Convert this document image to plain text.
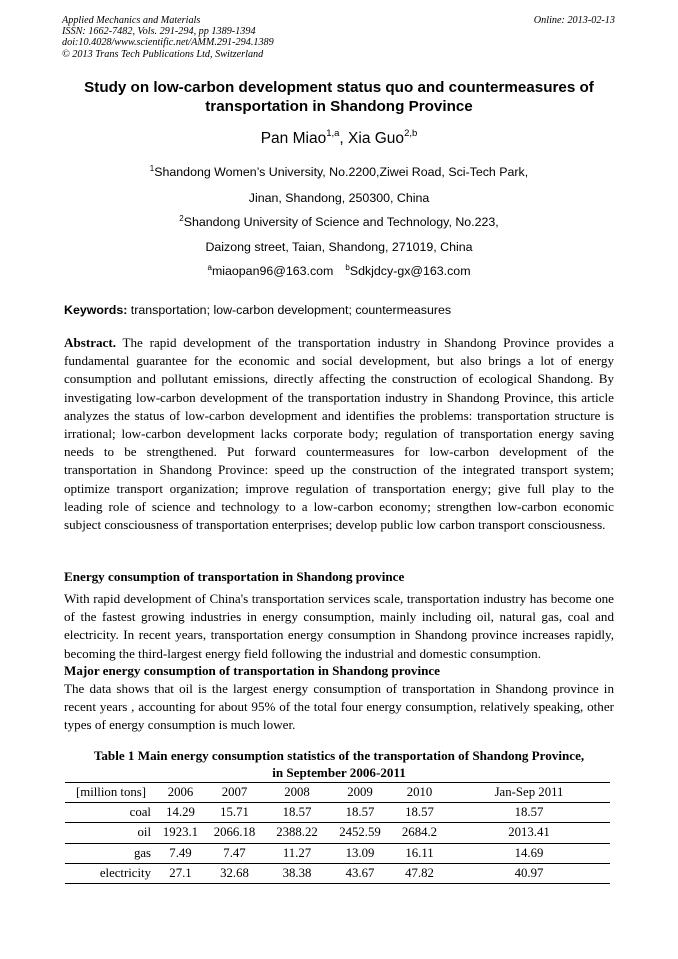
Applied Mechanics and Materials
ISSN: 1662-7482, Vols. 291-294, pp 1389-1394
doi:10.4028/www.scientific.net/AMM.291-294.1389
© 2013 Trans Tech Publications Ltd, Switzerland
Online: 2013-02-13
Study on low-carbon development status quo and countermeasures of
transportation in Shandong Province
Pan Miao$^{1,a}$, Xia Guo$^{2,b}$
$^1$Shandong Women’s University, No.2200,Ziwei Road, Sci-Tech Park,
Jinan, Shandong, 250300, China
$^2$Shandong University of Science and Technology, No.223,
Daizong street, Taian, Shandong, 271019, China
$^a$miaopan96@163.com $^b$Sdkjdcy-gx@163.com
Keywords: transportation; low-carbon development; countermeasures
Abstract. The rapid development of the transportation industry in Shandong Province provides a fundamental guarantee for the economic and social development, but also brings a lot of energy consumption and pollutant emissions, directly affecting the construction of ecological Shandong. By investigating low-carbon development of the transportation industry in Shandong Province, this article analyzes the status of low-carbon development and identifies the problems: transportation structure is irrational; low-carbon development lacks corporate body; regulation of transportation energy saving needs to be strengthened. Put forward countermeasures for low-carbon development of the transportation in Shandong Province: speed up the construction of the integrated transport system; optimize transport organization; improve regulation of transportation energy; give full play to the leading role of science and technology to a low-carbon economy; strengthen low-carbon economic subject consciousness of transportation enterprises; develop public low carbon transport consciousness.
Energy consumption of transportation in Shandong province
With rapid development of China's transportation services scale, transportation industry has become one of the fastest growing industries in energy consumption, mainly including oil, natural gas, coal and electricity. In recent years, transportation energy consumption in Shandong province increases rapidly, becoming the third-largest energy field following the industrial and domestic consumption.
Major energy consumption of transportation in Shandong province
The data shows that oil is the largest energy consumption of transportation in Shandong province in recent years , accounting for about 95% of the total four energy consumption, relatively speaking, other types of energy consumption is much lower.
Table 1 Main energy consumption statistics of the transportation of Shandong Province,
in September 2006-2011
[million tons]	2006	2007	2008	2009	2010	Jan-Sep 2011
coal	14.29	15.71	18.57	18.57	18.57	18.57
oil	1923.1	2066.18	2388.22	2452.59	2684.2	2013.41
gas	7.49	7.47	11.27	13.09	16.11	14.69
electricity	27.1	32.68	38.38	43.67	47.82	40.97
